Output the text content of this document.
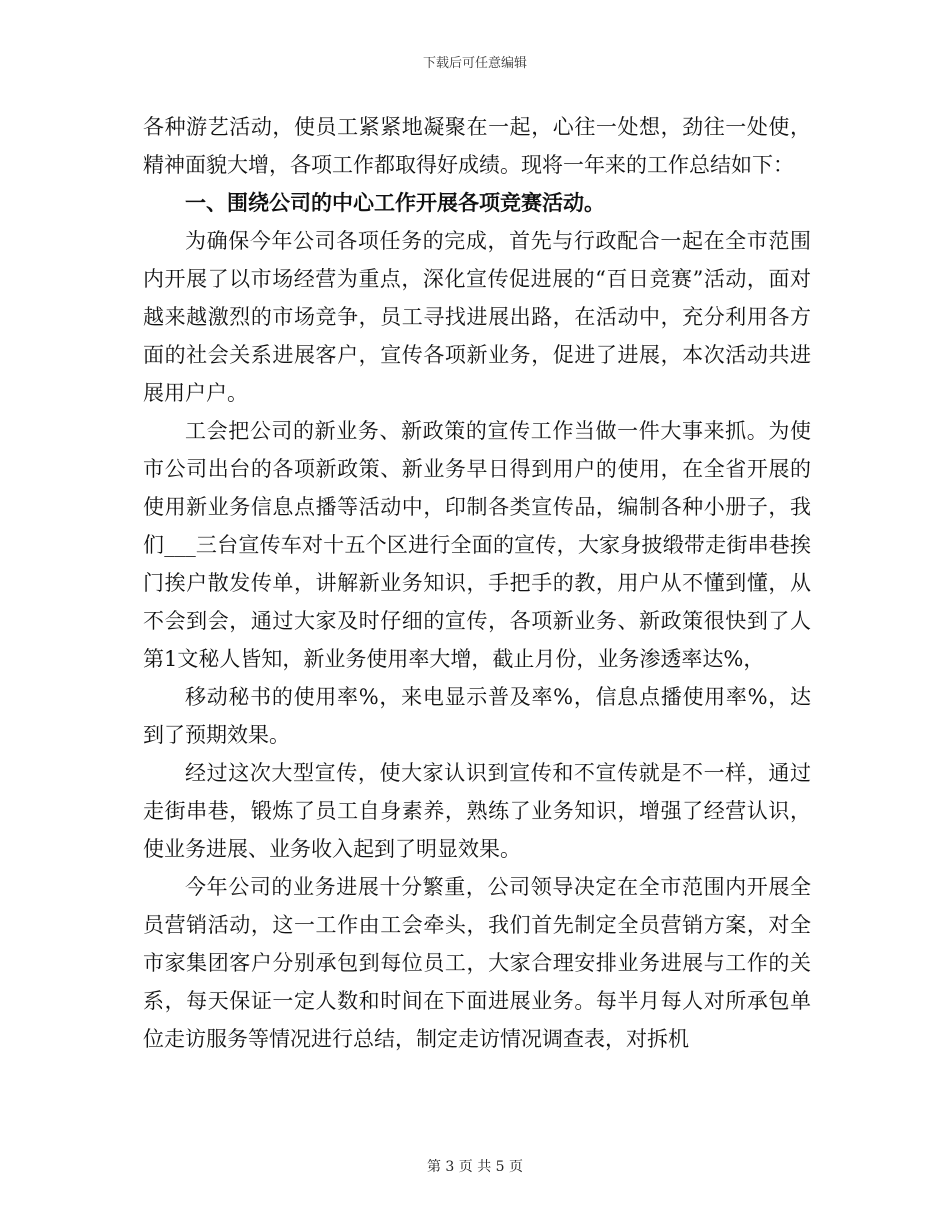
下载后可任意编辑

各种游艺活动，使员工紧紧地凝聚在一起，心往一处想，劲往一处使，精神面貌大增，各项工作都取得好成绩。现将一年来的工作总结如下：

一、围绕公司的中心工作开展各项竞赛活动。

为确保今年公司各项任务的完成，首先与行政配合一起在全市范围内开展了以市场经营为重点，深化宣传促进展的“百日竞赛”活动，面对越来越激烈的市场竞争，员工寻找进展出路，在活动中，充分利用各方面的社会关系进展客户，宣传各项新业务，促进了进展，本次活动共进展用户户。

工会把公司的新业务、新政策的宣传工作当做一件大事来抓。为使市公司出台的各项新政策、新业务早日得到用户的使用，在全省开展的使用新业务信息点播等活动中，印制各类宣传品，编制各种小册子，我们___三台宣传车对十五个区进行全面的宣传，大家身披缎带走街串巷挨门挨户散发传单，讲解新业务知识，手把手的教，用户从不懂到懂，从不会到会，通过大家及时仔细的宣传，各项新业务、新政策很快到了人第1文秘人皆知，新业务使用率大增，截止月份，业务渗透率达%，

移动秘书的使用率%，来电显示普及率%，信息点播使用率%，达到了预期效果。

经过这次大型宣传，使大家认识到宣传和不宣传就是不一样，通过走街串巷，锻炼了员工自身素养，熟练了业务知识，增强了经营认识，使业务进展、业务收入起到了明显效果。

今年公司的业务进展十分繁重，公司领导决定在全市范围内开展全员营销活动，这一工作由工会牵头，我们首先制定全员营销方案，对全市家集团客户分别承包到每位员工，大家合理安排业务进展与工作的关系，每天保证一定人数和时间在下面进展业务。每半月每人对所承包单位走访服务等情况进行总结，制定走访情况调查表，对拆机

第 3 页 共 5 页
